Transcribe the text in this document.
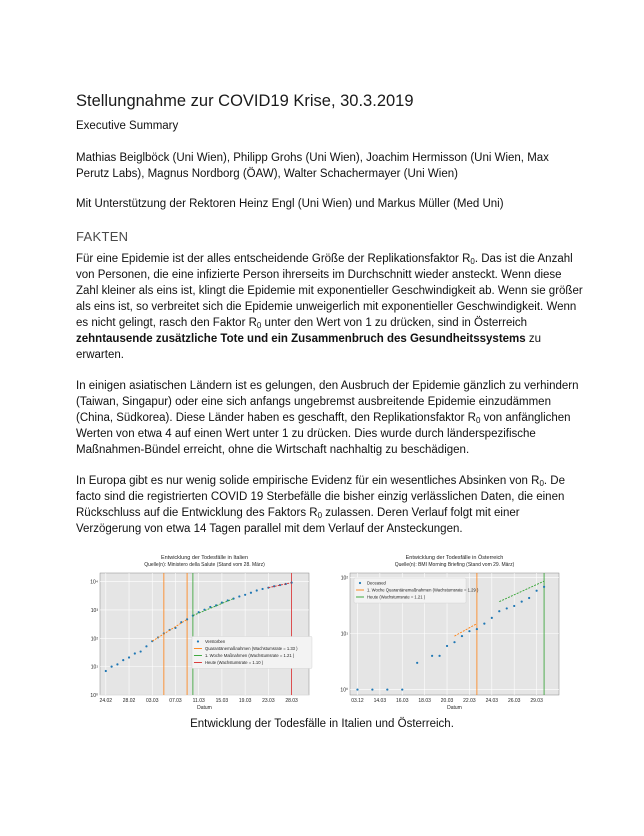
Stellungnahme zur COVID19 Krise, 30.3.2019
Executive Summary
Mathias Beiglböck (Uni Wien), Philipp Grohs (Uni Wien), Joachim Hermisson (Uni Wien, Max Perutz Labs), Magnus Nordborg (ÖAW), Walter Schachermayer (Uni Wien)
Mit Unterstützung der Rektoren Heinz Engl (Uni Wien) und Markus Müller (Med Uni)
FAKTEN

Für eine Epidemie ist der alles entscheidende Größe der Replikationsfaktor $R_0$. Das ist die Anzahl von Personen, die eine infizierte Person ihrerseits im Durchschnitt wieder ansteckt. Wenn diese Zahl kleiner als eins ist, klingt die Epidemie mit exponentieller Geschwindigkeit ab. Wenn sie größer als eins ist, so verbreitet sich die Epidemie unweigerlich mit exponentieller Geschwindigkeit. Wenn es nicht gelingt, rasch den Faktor $R_0$ unter den Wert von 1 zu drücken, sind in Österreich zehntausende zusätzliche Tote und ein Zusammenbruch des Gesundheitssystems zu erwarten.

In einigen asiatischen Ländern ist es gelungen, den Ausbruch der Epidemie gänzlich zu verhindern (Taiwan, Singapur) oder eine sich anfangs ungebremst ausbreitende Epidemie einzudämmen (China, Südkorea). Diese Länder haben es geschafft, den Replikationsfaktor $R_0$ von anfänglichen Werten von etwa 4 auf einen Wert unter 1 zu drücken. Dies wurde durch länderspezifische Maßnahmen-Bündel erreicht, ohne die Wirtschaft nachhaltig zu beschädigen.

In Europa gibt es nur wenig solide empirische Evidenz für ein wesentliches Absinken von $R_0$. De facto sind die registrierten COVID 19 Sterbefälle die bisher einzig verlässlichen Daten, die einen Rückschluss auf die Entwicklung des Faktors $R_0$ zulassen. Deren Verlauf folgt mit einer Verzögerung von etwa 14 Tagen parallel mit dem Verlauf der Ansteckungen.

Entwicklung der Todesfälle in Italien
Quelle(n): Ministero della Salute (Stand vom 28. März)
10⁰
10¹
10²
10³
10⁴
24.02 28.02 03.03 07.03 11.03 15.03 19.03 23.03 28.03
Datum
Verstorben
Quarantänemaßnahmen (Wachstumsrate = 1.33 )
1. Woche Maßnahmen (Wachstumsrate = 1.21 )
Heute (Wachstumsrate = 1.10 )
Entwicklung der Todesfälle in Österreich
Quelle(n): BMI Morning Briefing (Stand vom 29. März)
10⁰
10¹
10²
03.12 14.03 16.03 18.03 20.03 22.03 24.03 26.03 29.03
Datum
Deceased
1. Woche Quarantänemaßnahmen (Wachstumsrate = 1.29 )
Heute (Wachstumsrate = 1.21 )
Entwicklung der Todesfälle in Italien und Österreich.
